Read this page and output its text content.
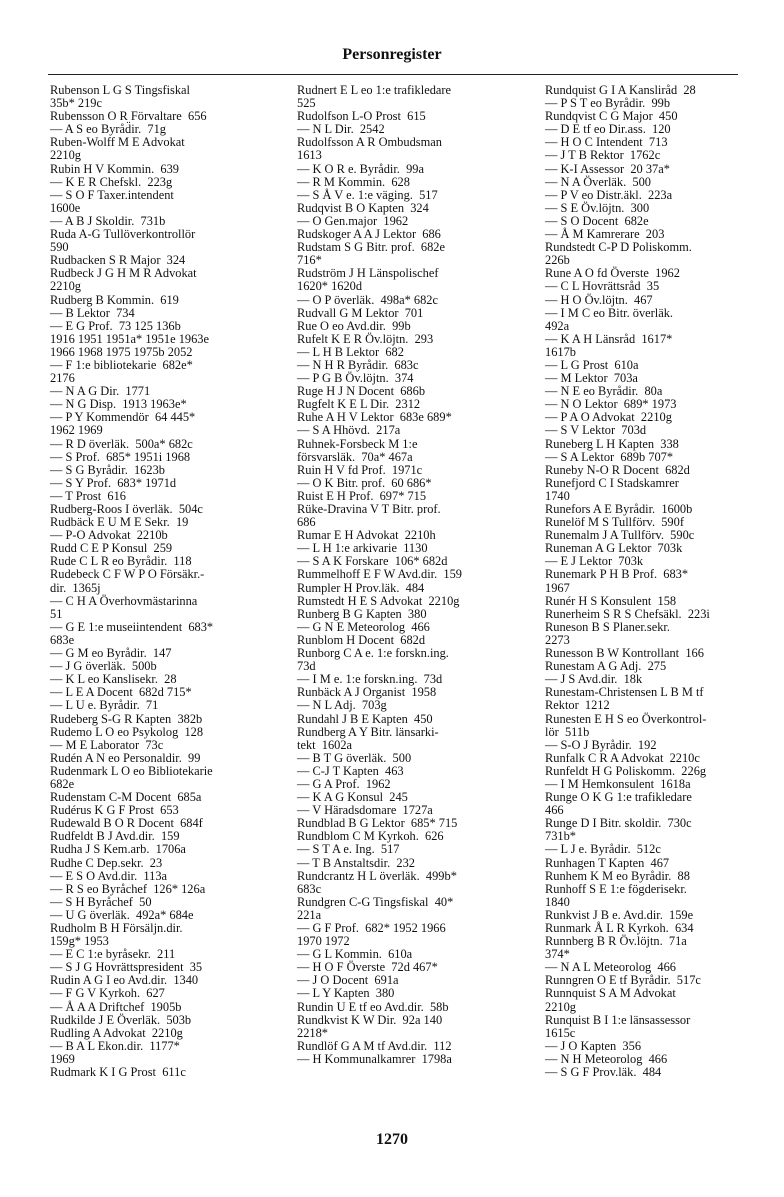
Personregister
Rubenson L G S Tingsfiskal
35b* 219c
Rubensson O R Förvaltare  656
— A S eo Byråd̈ir.  71g
Ruben-Wolff M E Advokat
2210g
Rubin H V Kommin.  639
— K E R Chefskl.  223g
— S O F Taxer.intendent
1600e
— A B J Skoldir.  731b
Ruda A-G Tullöverkontrollör
590
Rudbacken S R Major  324
Rudbeck J G H M R Advokat
2210g
Rudberg B Kommin.  619
— B Lektor  734
— E G Prof.  73 125 136b
1916 1951 1951a* 1951e 1963e
1966 1968 1975 1975b 2052
— F 1:e bibliotekarie  682e*
2176
— N A G Dir.  1771
— N G Disp.  1913 1963e*
— P Y Kommendör  64 445*
1962 1969
— R D överläk.  500a* 682c
— S Prof.  685* 1951i 1968
— S G Byrådir.  1623b
— S Y Prof.  683* 1971d
— T Prost  616
Rudberg-Roos I överläk.  504c
Rudbäck E U M E Sekr.  19
— P-O Advokat  2210b
Rudd C E P Konsul  259
Rude C L R eo Byrådir.  118
Rudebeck C F W P O Försäkr.-
dir.  1365j
— C H A Överhovmästarinna
51
— G E 1:e museiintendent  683*
683e
— G M eo Byrådir.  147
— J G överläk.  500b
— K L eo Kanslisekr.  28
— L E A Docent  682d 715*
— L U e. Byrådir.  71
Rudeberg S-G R Kapten  382b
Rudemo L O eo Psykolog  128
— M E Laborator  73c
Rudén A N eo Personaldir.  99
Rudenmark L O eo Bibliotekarie
682e
Rudenstam C-M Docent  685a
Rudérus K G F Prost  653
Rudewald B O R Docent  684f
Rudfeldt B J Avd.dir.  159
Rudha J S Kem.arb.  1706a
Rudhe C Dep.sekr.  23
— E S O Avd.dir.  113a
— R S eo Byråchef  126* 126a
— S H Byråchef  50
— U G överläk.  492a* 684e
Rudholm B H Försäljn.dir.
159g* 1953
— E C 1:e byråsekr.  211
— S J G Hovrättspresident  35
Rudin A G I eo Avd.dir.  1340
— F G V Kyrkoh.  627
— Å A A Driftchef  1905b
Rudkilde J E Överläk.  503b
Rudling A Advokat  2210g
— B A L Ekon.dir.  1177*
1969
Rudmark K I G Prost  611c
Rudnert E L eo 1:e trafikledare
525
Rudolfson L-O Prost  615
— N L Dir.  2542
Rudolfsson A R Ombudsman
1613
— K O R e. Byrådir.  99a
— R M Kommin.  628
— S Å V e. 1:e väging.  517
Rudqvist B O Kapten  324
— O Gen.major  1962
Rudskoger A A J Lektor  686
Rudstam S G Bitr. prof.  682e
716*
Rudström J H Länspolischef
1620* 1620d
— O P överläk.  498a* 682c
Rudvall G M Lektor  701
Rue O eo Avd.dir.  99b
Rufelt K E R Öv.löjtn.  293
— L H B Lektor  682
— N H R Byrådir.  683c
— P G B Öv.löjtn.  374
Ruge H J N Docent  686b
Rugfelt K E L Dir.  2312
Ruhe A H V Lektor  683e 689*
— S A Hhövd.  217a
Ruhnek-Forsbeck M 1:e
försvarsläk.  70a* 467a
Ruin H V fd Prof.  1971c
— O K Bitr. prof.  60 686*
Ruist E H Prof.  697* 715
Rüke-Dravina V T Bitr. prof.
686
Rumar E H Advokat  2210h
— L H 1:e arkivarie  1130
— S A K Forskare  106* 682d
Rummelhoff E F W Avd.dir.  159
Rumpler H Prov.läk.  484
Rumstedt H E S Advokat  2210g
Runberg B G Kapten  380
— G N E Meteorolog  466
Runblom H Docent  682d
Runborg C A e. 1:e forskn.ing.
73d
— I M e. 1:e forskn.ing.  73d
Runbäck A J Organist  1958
— N L Adj.  703g
Rundahl J B E Kapten  450
Rundberg A Y Bitr. länsarki-
tekt  1602a
— B T G överläk.  500
— C-J T Kapten  463
— G A Prof.  1962
— K A G Konsul  245
— V Häradsdomare  1727a
Rundblad B G Lektor  685* 715
Rundblom C M Kyrkoh.  626
— S T A e. Ing.  517
— T B Anstaltsdir.  232
Rundcrantz H L överläk.  499b*
683c
Rundgren C-G Tingsfiskal  40*
221a
— G F Prof.  682* 1952 1966
1970 1972
— G L Kommin.  610a
— H O F Överste  72d 467*
— J O Docent  691a
— L Y Kapten  380
Rundin U E tf eo Avd.dir.  58b
Rundkvist K W Dir.  92a 140
2218*
Rundlöf G A M tf Avd.dir.  112
— H Kommunalkamrer  1798a
Rundquist G I A Kansliråd  28
— P S T eo Byrådir.  99b
Rundqvist C G Major  450
— D E tf eo Dir.ass.  120
— H O C Intendent  713
— J T B Rektor  1762c
— K-I Assessor  20 37a*
— N A Överläk.  500
— P V eo Distr.äkl.  223a
— S E Öv.löjtn.  300
— S O Docent  682e
— Å M Kamrerare  203
Rundstedt C-P D Poliskomm.
226b
Rune A O fd Överste  1962
— C L Hovrättsråd  35
— H O Öv.löjtn.  467
— I M C eo Bitr. överläk.
492a
— K A H Länsråd  1617*
1617b
— L G Prost  610a
— M Lektor  703a
— N E eo Byrådir.  80a
— N O Lektor  689* 1973
— P A O Advokat  2210g
— S V Lektor  703d
Runeberg L H Kapten  338
— S A Lektor  689b 707*
Runeby N-O R Docent  682d
Runefjord C I Stadskamrer
1740
Runefors A E Byrådir.  1600b
Runelöf M S Tullförv.  590f
Runemalm J A Tullförv.  590c
Runeman A G Lektor  703k
— E J Lektor  703k
Runemark P H B Prof.  683*
1967
Runér H S Konsulent  158
Runerheim S R S Chefsäkl.  223i
Runeson B S Planer.sekr.
2273
Runesson B W Kontrollant  166
Runestam A G Adj.  275
— J S Avd.dir.  18k
Runestam-Christensen L B M tf
Rektor  1212
Runesten E H S eo Överkontrol-
lör  511b
— S-O J Byrådir.  192
Runfalk C R A Advokat  2210c
Runfeldt H G Poliskomm.  226g
— I M Hemkonsulent  1618a
Runge O K G 1:e trafikledare
466
Runge D I Bitr. skoldir.  730c
731b*
— L J e. Byrådir.  512c
Runhagen T Kapten  467
Runhem K M eo Byrådir.  88
Runhoff S E 1:e fögderisekr.
1840
Runkvist J B e. Avd.dir.  159e
Runmark Å L R Kyrkoh.  634
Runnberg B R Öv.löjtn.  71a
374*
— N A L Meteorolog  466
Runngren O E tf Byrådir.  517c
Runnquist S A M Advokat
2210g
Runquist B I 1:e länsassessor
1615c
— J O Kapten  356
— N H Meteorolog  466
— S G F Prov.läk.  484
1270
